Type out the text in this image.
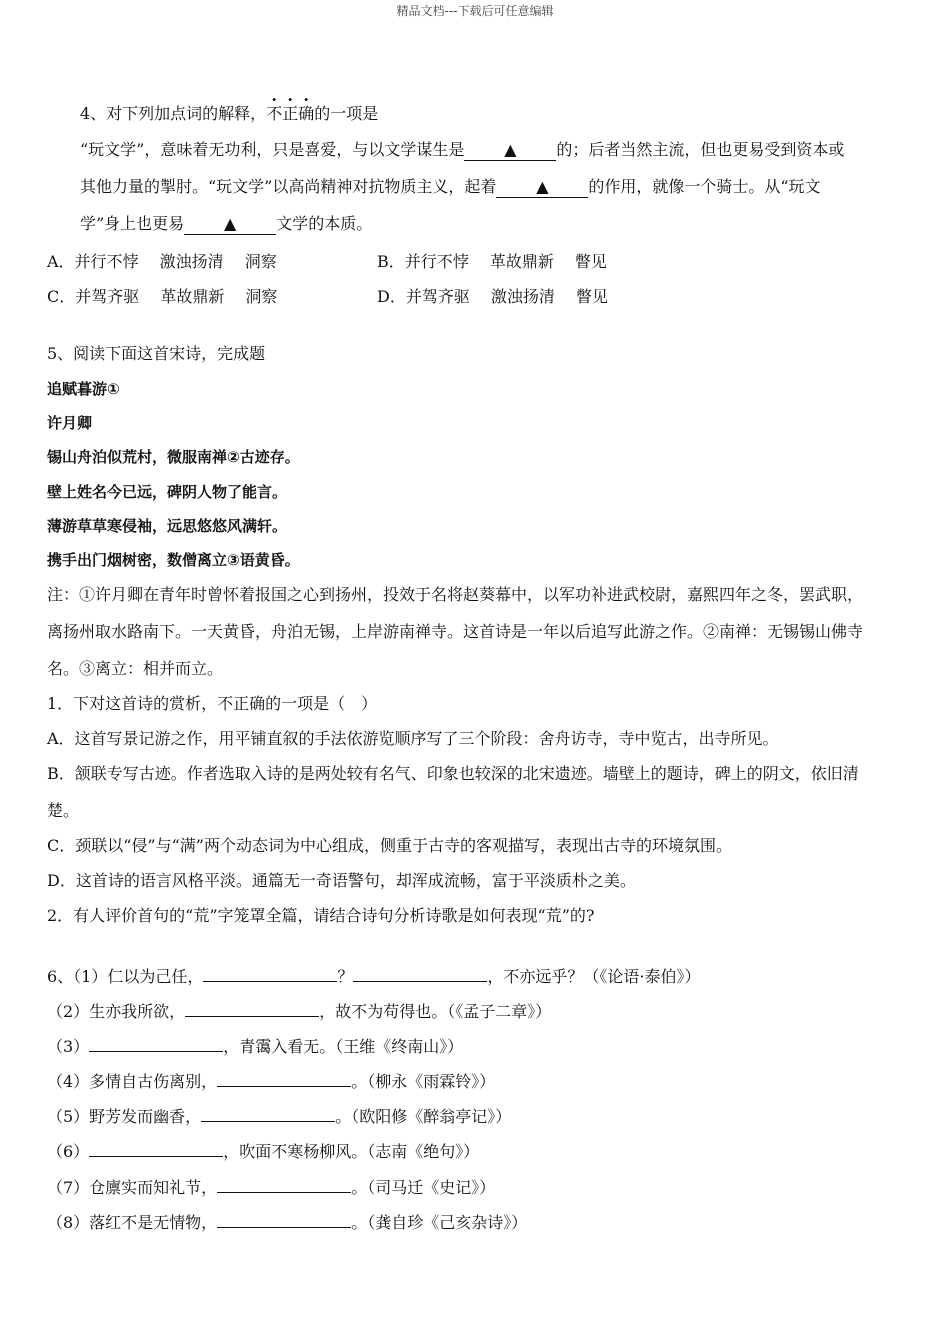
精品文档---下载后可任意编辑
4、对下列加点词的解释，不正确的一项是
“玩文学”，意味着无功利，只是喜爱，与以文学谋生是 ▲ 的；后者当然主流，但也更易受到资本或
其他力量的掣肘。“玩文学”以高尚精神对抗物质主义，起着 ▲ 的作用，就像一个骑士。从“玩文
学”身上也更易 ▲ 文学的本质。
A．并行不悖　 激浊扬清　 洞察	B．并行不悖　 革故鼎新　 瞥见
C．并驾齐驱　 革故鼎新　 洞察	D．并驾齐驱　 激浊扬清　 瞥见
5、阅读下面这首宋诗，完成题
追赋暮游①
许月卿
锡山舟泊似荒村，微服南禅②古迹存。
壁上姓名今已远，碑阴人物了能言。
薄游草草寒侵袖，远思悠悠风满轩。
携手出门烟树密，数僧离立③语黄昏。
注：①许月卿在青年时曾怀着报国之心到扬州，投效于名将赵葵幕中，以军功补进武校尉，嘉熙四年之冬，罢武职，
离扬州取水路南下。一天黄昏，舟泊无锡，上岸游南禅寺。这首诗是一年以后追写此游之作。②南禅：无锡锡山佛寺
名。③离立：相并而立。
1．下对这首诗的赏析，不正确的一项是（　）
A．这首写景记游之作，用平铺直叙的手法依游览顺序写了三个阶段：舍舟访寺，寺中览古，出寺所见。
B．颔联专写古迹。作者选取入诗的是两处较有名气、印象也较深的北宋遗迹。墙壁上的题诗，碑上的阴文，依旧清
楚。
C．颈联以“侵”与“满”两个动态词为中心组成，侧重于古寺的客观描写，表现出古寺的环境氛围。
D．这首诗的语言风格平淡。通篇无一奇语警句，却浑成流畅，富于平淡质朴之美。
2．有人评价首句的“荒”字笼罩全篇，请结合诗句分析诗歌是如何表现“荒”的?
6、（1）仁以为己任，	？	，不亦远乎？（《论语·泰伯》）
（2）生亦我所欲，	，故不为苟得也。（《孟子二章》）
（3）	，青霭入看无。（王维《终南山》）
（4）多情自古伤离别，	。（柳永《雨霖铃》）
（5）野芳发而幽香，	。（欧阳修《醉翁亭记》）
（6）	，吹面不寒杨柳风。（志南《绝句》）
（7）仓廪实而知礼节，	。（司马迁《史记》）
（8）落红不是无情物，	。（龚自珍《己亥杂诗》）
